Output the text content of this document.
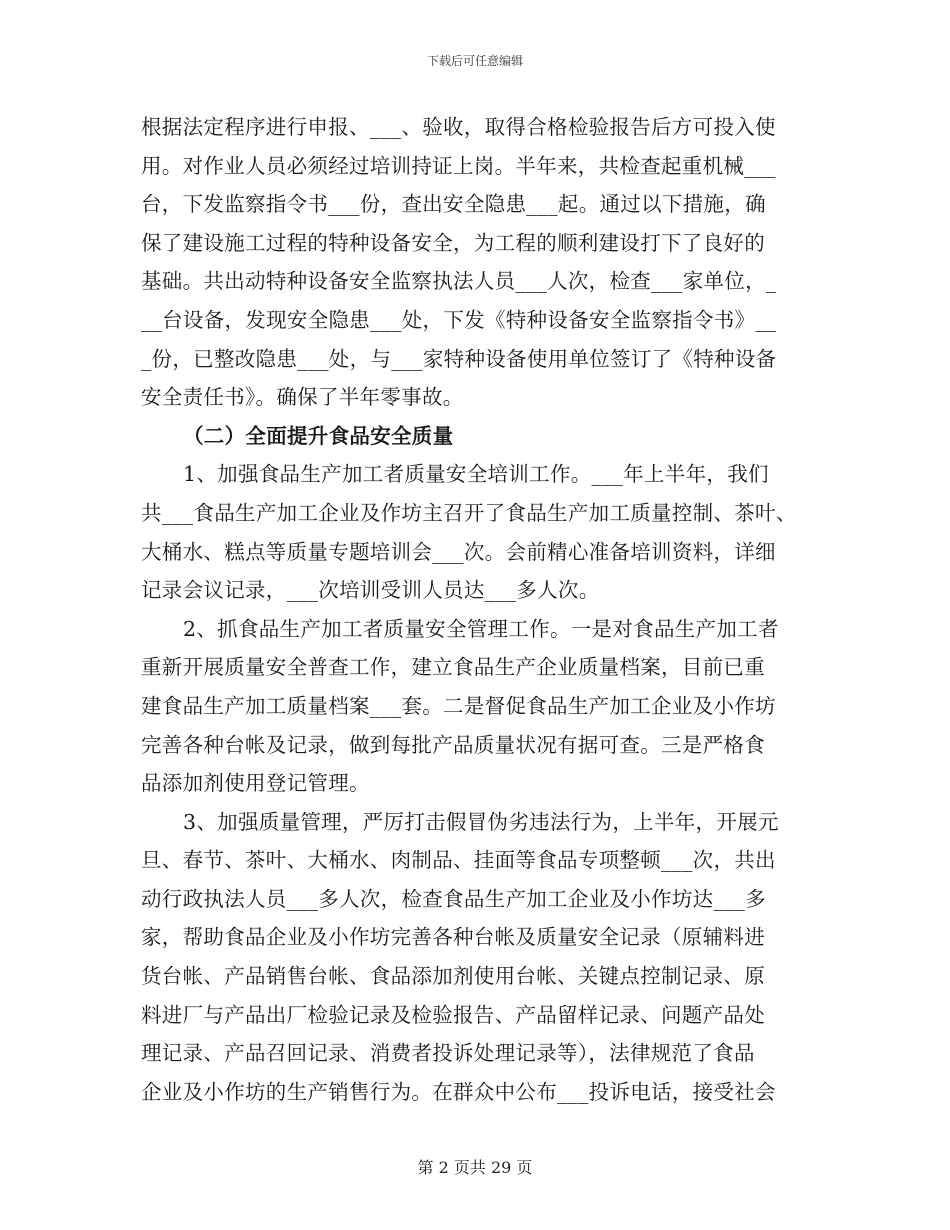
下载后可任意编辑
根据法定程序进行申报、___、验收，取得合格检验报告后方可投入使
用。对作业人员必须经过培训持证上岗。半年来，共检查起重机械___
台，下发监察指令书___份，查出安全隐患___起。通过以下措施，确
保了建设施工过程的特种设备安全，为工程的顺利建设打下了良好的
基础。共出动特种设备安全监察执法人员___人次，检查___家单位，_
__台设备，发现安全隐患___处，下发《特种设备安全监察指令书》__
_份，已整改隐患___处，与___家特种设备使用单位签订了《特种设备
安全责任书》。确保了半年零事故。
（二）全面提升食品安全质量
1、加强食品生产加工者质量安全培训工作。___年上半年，我们
共___食品生产加工企业及作坊主召开了食品生产加工质量控制、茶叶、
大桶水、糕点等质量专题培训会___次。会前精心准备培训资料，详细
记录会议记录，___次培训受训人员达___多人次。
2、抓食品生产加工者质量安全管理工作。一是对食品生产加工者
重新开展质量安全普查工作，建立食品生产企业质量档案，目前已重
建食品生产加工质量档案___套。二是督促食品生产加工企业及小作坊
完善各种台帐及记录，做到每批产品质量状况有据可查。三是严格食
品添加剂使用登记管理。
3、加强质量管理，严厉打击假冒伪劣违法行为，上半年，开展元
旦、春节、茶叶、大桶水、肉制品、挂面等食品专项整顿___次，共出
动行政执法人员___多人次，检查食品生产加工企业及小作坊达___多
家，帮助食品企业及小作坊完善各种台帐及质量安全记录（原辅料进
货台帐、产品销售台帐、食品添加剂使用台帐、关键点控制记录、原
料进厂与产品出厂检验记录及检验报告、产品留样记录、问题产品处
理记录、产品召回记录、消费者投诉处理记录等），法律规范了食品
企业及小作坊的生产销售行为。在群众中公布___投诉电话，接受社会
第 2 页共 29 页
